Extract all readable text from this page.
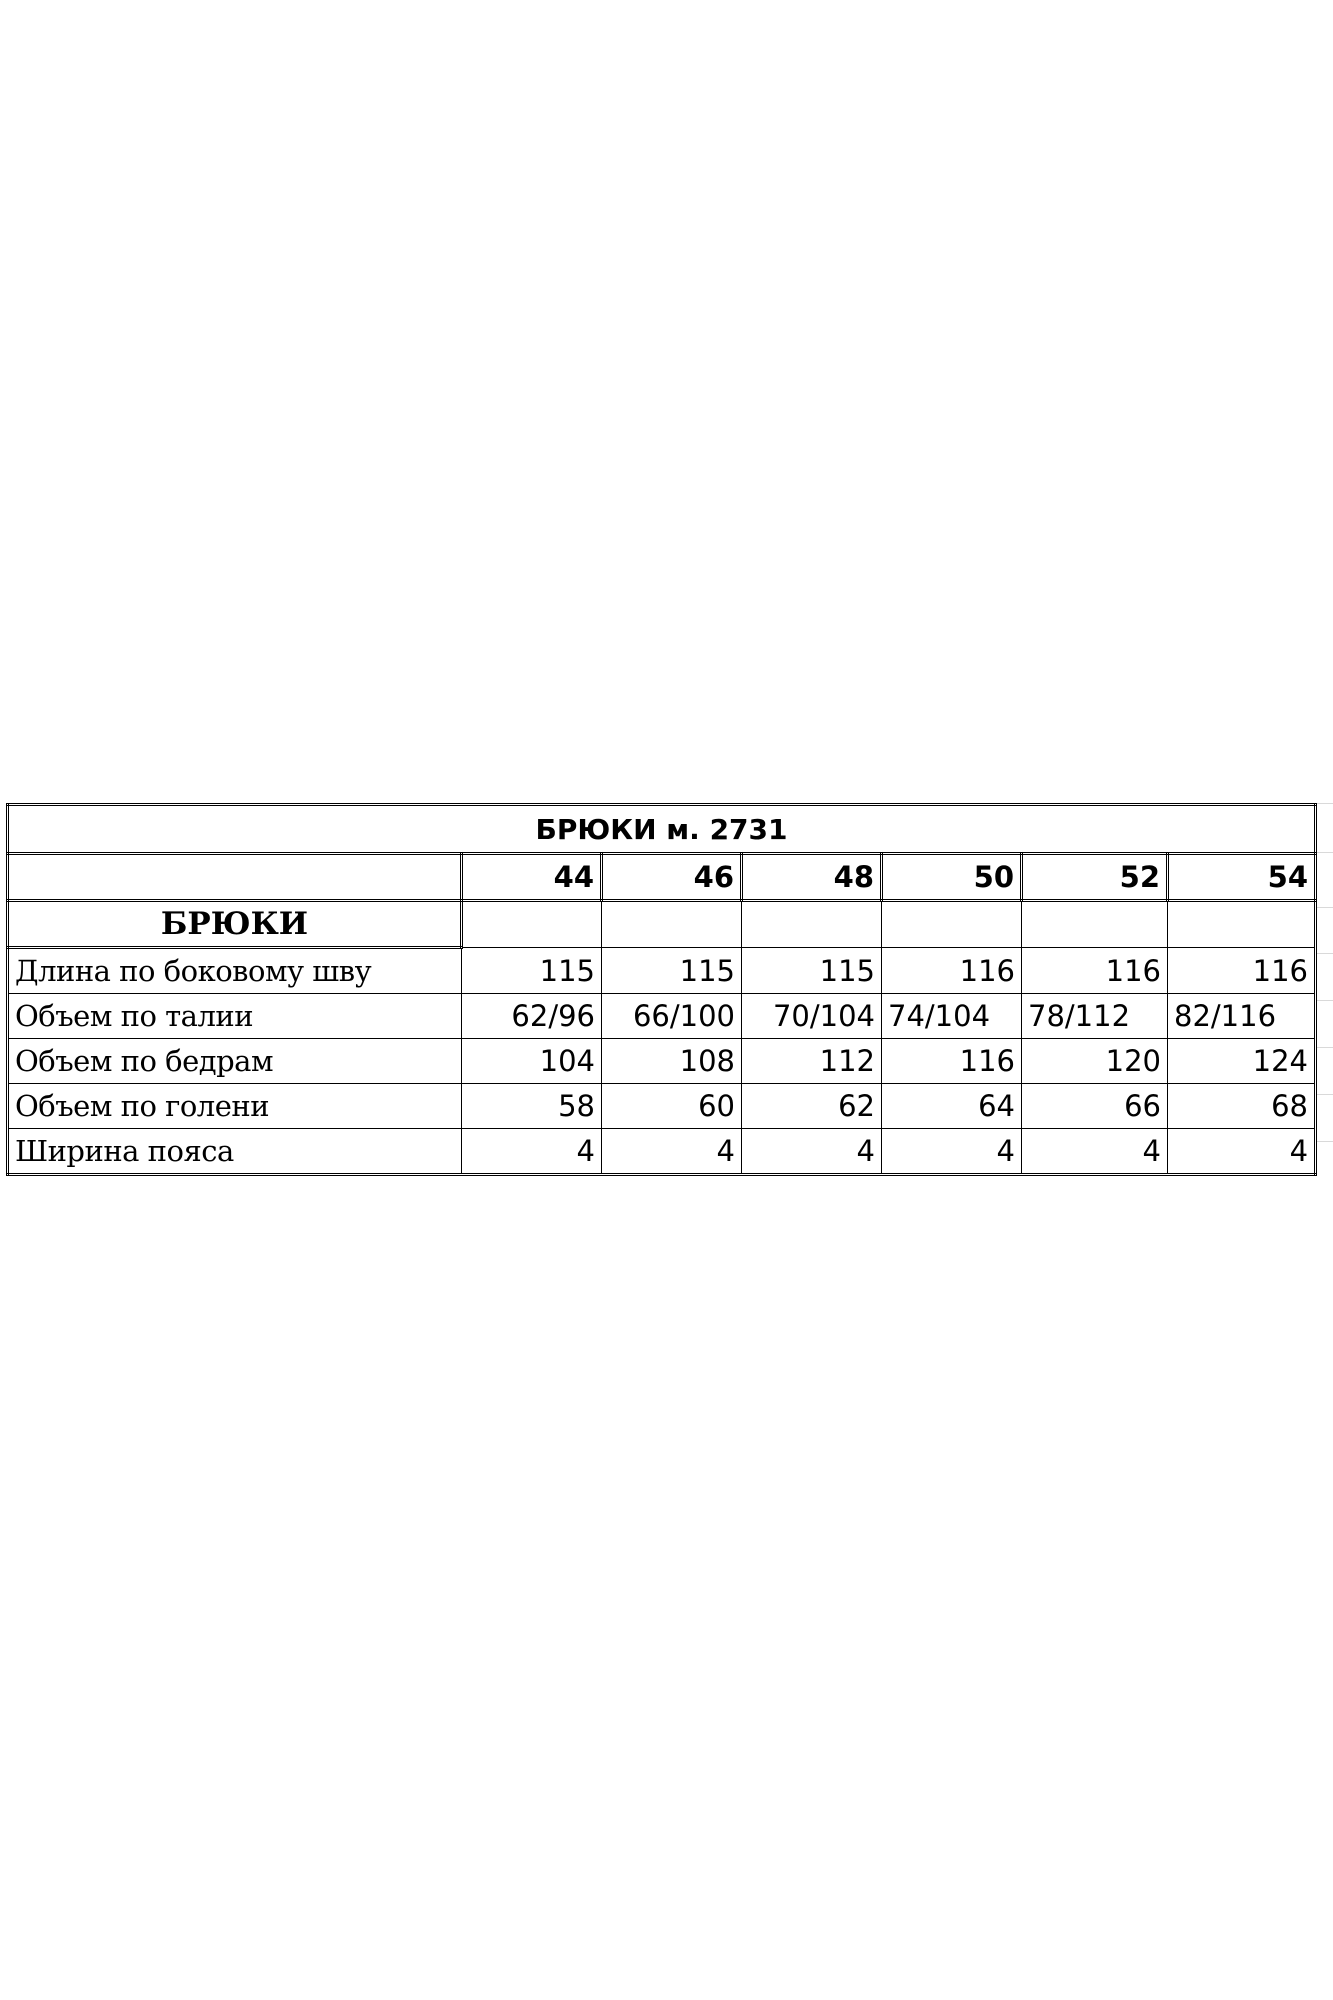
БРЮКИ м. 2731						
	44	46	48	50	52	54
БРЮКИ						
Длина по боковому шву	115	115	115	116	116	116
Объем по талии	62/96	66/100	70/104	74/104	78/112	82/116
Объем по бедрам	104	108	112	116	120	124
Объем по голени	58	60	62	64	66	68
Ширина пояса	4	4	4	4	4	4
